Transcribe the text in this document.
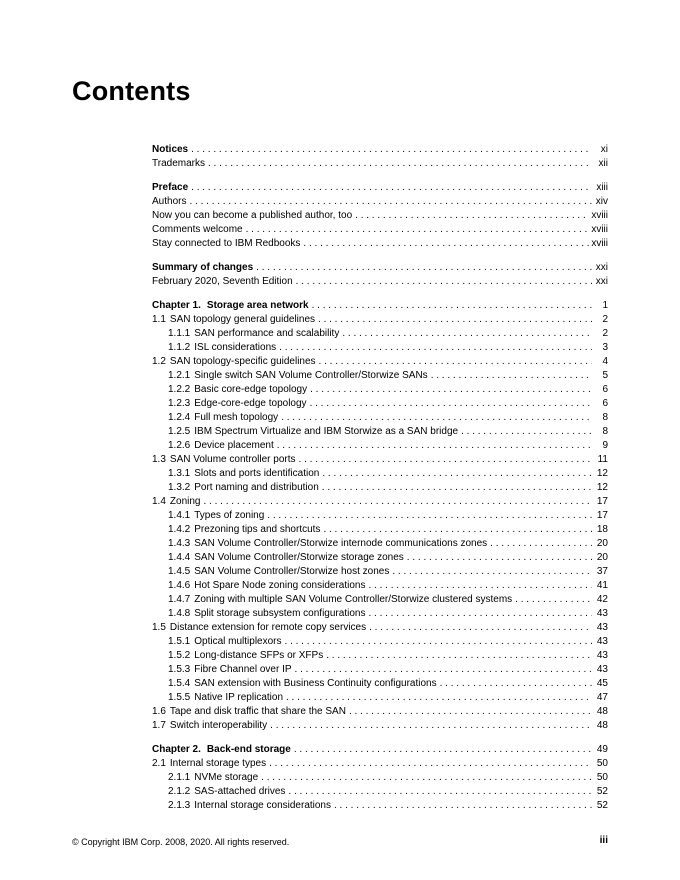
Contents
Notices . . .	xi
Trademarks . . .	xii
Preface . . .	xiii
Authors . . .	xiv
Now you can become a published author, too . . .	xviii
Comments welcome . . .	xviii
Stay connected to IBM Redbooks . . .	xviii
Summary of changes . . .	xxi
February 2020, Seventh Edition . . .	xxi
Chapter 1. Storage area network . . .	1
1.1 SAN topology general guidelines . . .	2
1.1.1 SAN performance and scalability . . .	2
1.1.2 ISL considerations . . .	3
1.2 SAN topology-specific guidelines . . .	4
1.2.1 Single switch SAN Volume Controller/Storwize SANs . . .	5
1.2.2 Basic core-edge topology . . .	6
1.2.3 Edge-core-edge topology . . .	6
1.2.4 Full mesh topology . . .	8
1.2.5 IBM Spectrum Virtualize and IBM Storwize as a SAN bridge . . .	8
1.2.6 Device placement . . .	9
1.3 SAN Volume controller ports . . .	11
1.3.1 Slots and ports identification . . .	12
1.3.2 Port naming and distribution . . .	12
1.4 Zoning . . .	17
1.4.1 Types of zoning . . .	17
1.4.2 Prezoning tips and shortcuts . . .	18
1.4.3 SAN Volume Controller/Storwize internode communications zones . . .	20
1.4.4 SAN Volume Controller/Storwize storage zones . . .	20
1.4.5 SAN Volume Controller/Storwize host zones . . .	37
1.4.6 Hot Spare Node zoning considerations . . .	41
1.4.7 Zoning with multiple SAN Volume Controller/Storwize clustered systems . . .	42
1.4.8 Split storage subsystem configurations . . .	43
1.5 Distance extension for remote copy services . . .	43
1.5.1 Optical multiplexors . . .	43
1.5.2 Long-distance SFPs or XFPs . . .	43
1.5.3 Fibre Channel over IP . . .	43
1.5.4 SAN extension with Business Continuity configurations . . .	45
1.5.5 Native IP replication . . .	47
1.6 Tape and disk traffic that share the SAN . . .	48
1.7 Switch interoperability . . .	48
Chapter 2. Back-end storage . . .	49
2.1 Internal storage types . . .	50
2.1.1 NVMe storage . . .	50
2.1.2 SAS-attached drives . . .	52
2.1.3 Internal storage considerations . . .	52
© Copyright IBM Corp. 2008, 2020. All rights reserved.	iii
